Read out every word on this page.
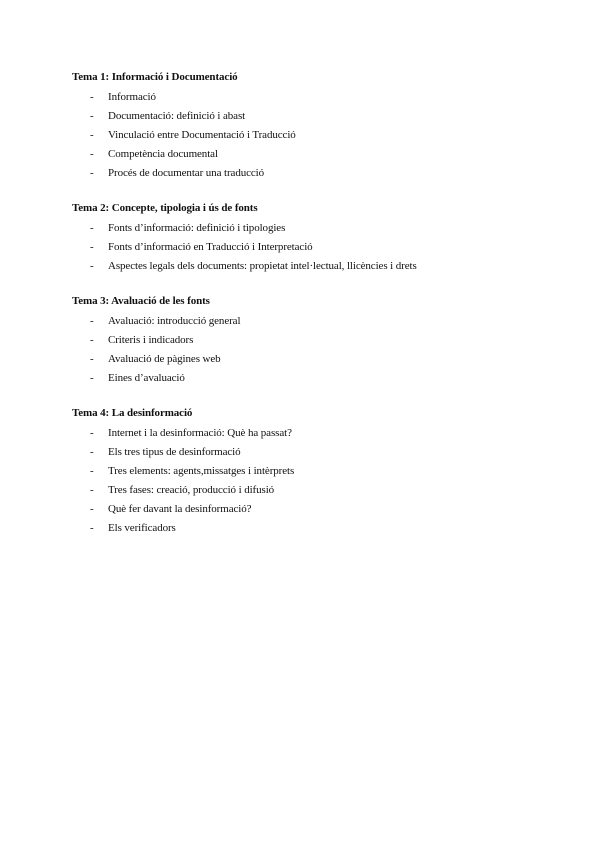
Tema 1: Informació i Documentació
-	Informació
-	Documentació: definició i abast
-	Vinculació entre Documentació i Traducció
-	Competència documental
-	Procés de documentar una traducció
Tema 2: Concepte, tipologia i ús de fonts
-	Fonts d’informació: definició i tipologies
-	Fonts d’informació en Traducció i Interpretació
-	Aspectes legals dels documents: propietat intel·lectual, llicències i drets
Tema 3: Avaluació de les fonts
-	Avaluació: introducció general
-	Criteris i indicadors
-	Avaluació de pàgines web
-	Eines d’avaluació
Tema 4: La desinformació
-	Internet i la desinformació: Què ha passat?
-	Els tres tipus de desinformació
-	Tres elements: agents,missatges i intèrprets
-	Tres fases: creació, producció i difusió
-	Què fer davant la desinformació?
-	Els verificadors
